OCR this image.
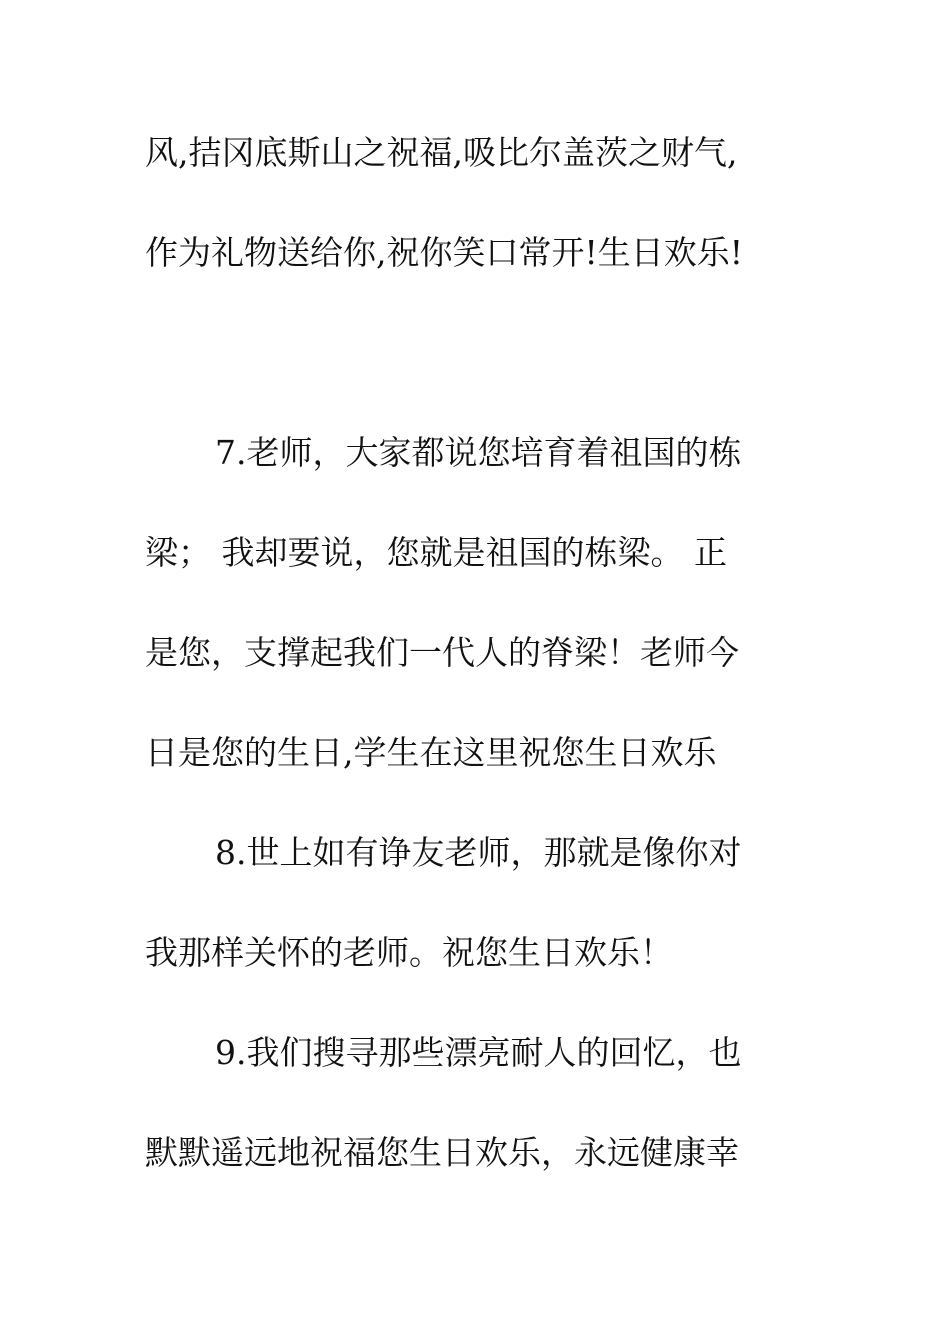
风,拮冈底斯山之祝福,吸比尔盖茨之财气,
作为礼物送给你,祝你笑口常开!生日欢乐!
7.老师，大家都说您培育着祖国的栋
梁； 我却要说，您就是祖国的栋梁。 正
是您，支撑起我们一代人的脊梁！老师今
日是您的生日,学生在这里祝您生日欢乐
8.世上如有诤友老师，那就是像你对
我那样关怀的老师。祝您生日欢乐！
9.我们搜寻那些漂亮耐人的回忆，也
默默遥远地祝福您生日欢乐，永远健康幸
